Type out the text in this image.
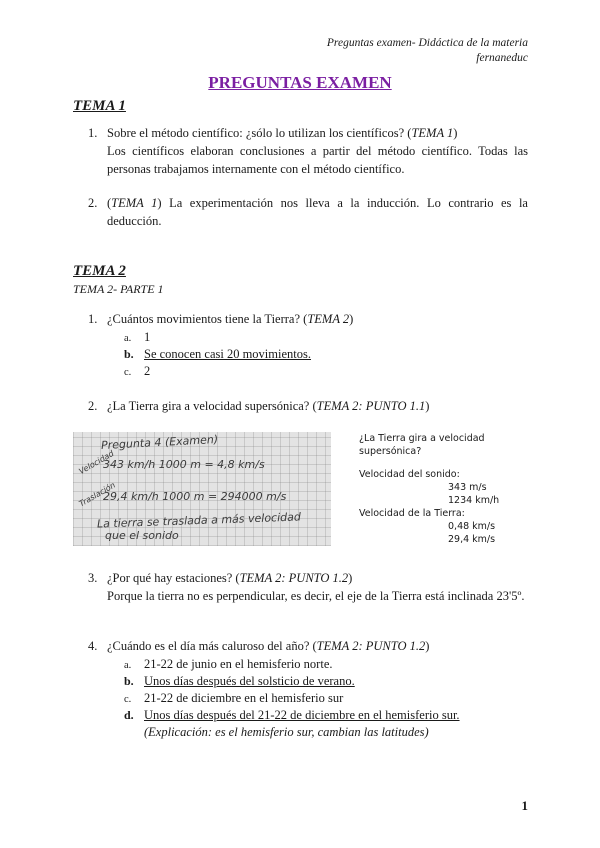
Preguntas examen- Didáctica de la materia
fernaneduc
PREGUNTAS EXAMEN
TEMA 1
1. Sobre el método científico: ¿sólo lo utilizan los científicos? (TEMA 1)
Los científicos elaboran conclusiones a partir del método científico. Todas las personas trabajamos internamente con el método científico.
2. (TEMA 1) La experimentación nos lleva a la inducción. Lo contrario es la deducción.
TEMA 2
TEMA 2- PARTE 1
1. ¿Cuántos movimientos tiene la Tierra? (TEMA 2)
a. 1
b. Se conocen casi 20 movimientos.
c. 2
2. ¿La Tierra gira a velocidad supersónica? (TEMA 2: PUNTO 1.1)
Pregunta 4 (Examen)
Velocidad
343 km/h 1000 m = 4,8 km/s
Traslación
29,4 km/h 1000 m = 294000 m/s
La tierra se traslada a más velocidad
que el sonido
¿La Tierra gira a velocidad supersónica?
Velocidad del sonido:
343 m/s
1234 km/h
Velocidad de la Tierra:
0,48 km/s
29,4 km/s
3. ¿Por qué hay estaciones? (TEMA 2: PUNTO 1.2)
Porque la tierra no es perpendicular, es decir, el eje de la Tierra está inclinada 23'5º.
4. ¿Cuándo es el día más caluroso del año? (TEMA 2: PUNTO 1.2)
a. 21-22 de junio en el hemisferio norte.
b. Unos días después del solsticio de verano.
c. 21-22 de diciembre en el hemisferio sur
d. Unos días después del 21-22 de diciembre en el hemisferio sur.
(Explicación: es el hemisferio sur, cambian las latitudes)
1
